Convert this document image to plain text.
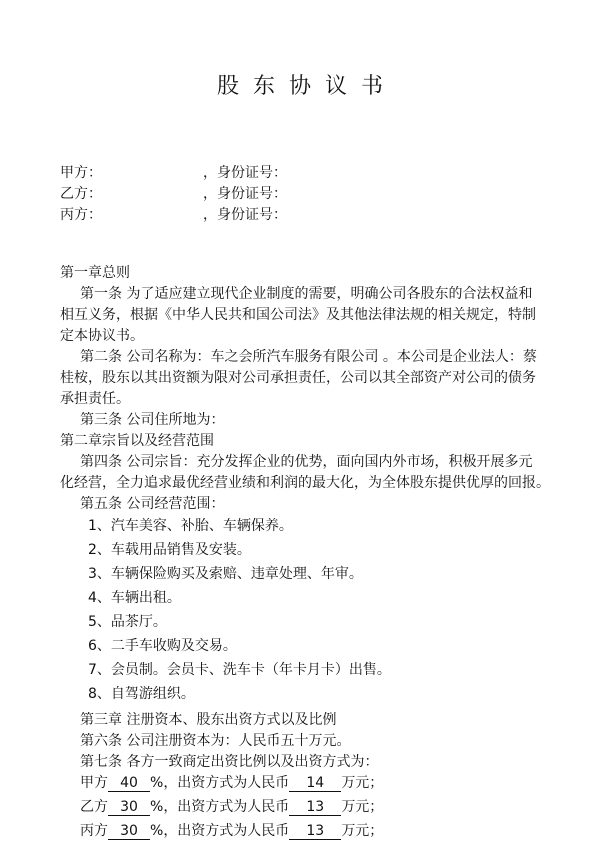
股东协议书
甲方：	，身份证号：
乙方：	，身份证号：
丙方：	，身份证号：
第一章总则
第一条 为了适应建立现代企业制度的需要，明确公司各股东的合法权益和
相互义务，根据《中华人民共和国公司法》及其他法律法规的相关规定，特制
定本协议书。
第二条 公司名称为：车之会所汽车服务有限公司 。本公司是企业法人：蔡
桂桉，股东以其出资额为限对公司承担责任，公司以其全部资产对公司的债务
承担责任。
第三条 公司住所地为：
第二章宗旨以及经营范围
第四条 公司宗旨：充分发挥企业的优势，面向国内外市场，积极开展多元
化经营，全力追求最优经营业绩和利润的最大化，为全体股东提供优厚的回报。
第五条 公司经营范围：
1、汽车美容、补胎、车辆保养。
2、车载用品销售及安装。
3、车辆保险购买及索赔、违章处理、年审。
4、车辆出租。
5、品茶厅。
6、二手车收购及交易。
7、会员制。会员卡、洗车卡（年卡月卡）出售。
8、自驾游组织。
第三章 注册资本、股东出资方式以及比例
第六条 公司注册资本为：人民币五十万元。
第七条 各方一致商定出资比例以及出资方式为：
甲方 40 %，出资方式为人民币 14 万元；
乙方 30 %，出资方式为人民币 13 万元；
丙方 30 %，出资方式为人民币 13 万元；
